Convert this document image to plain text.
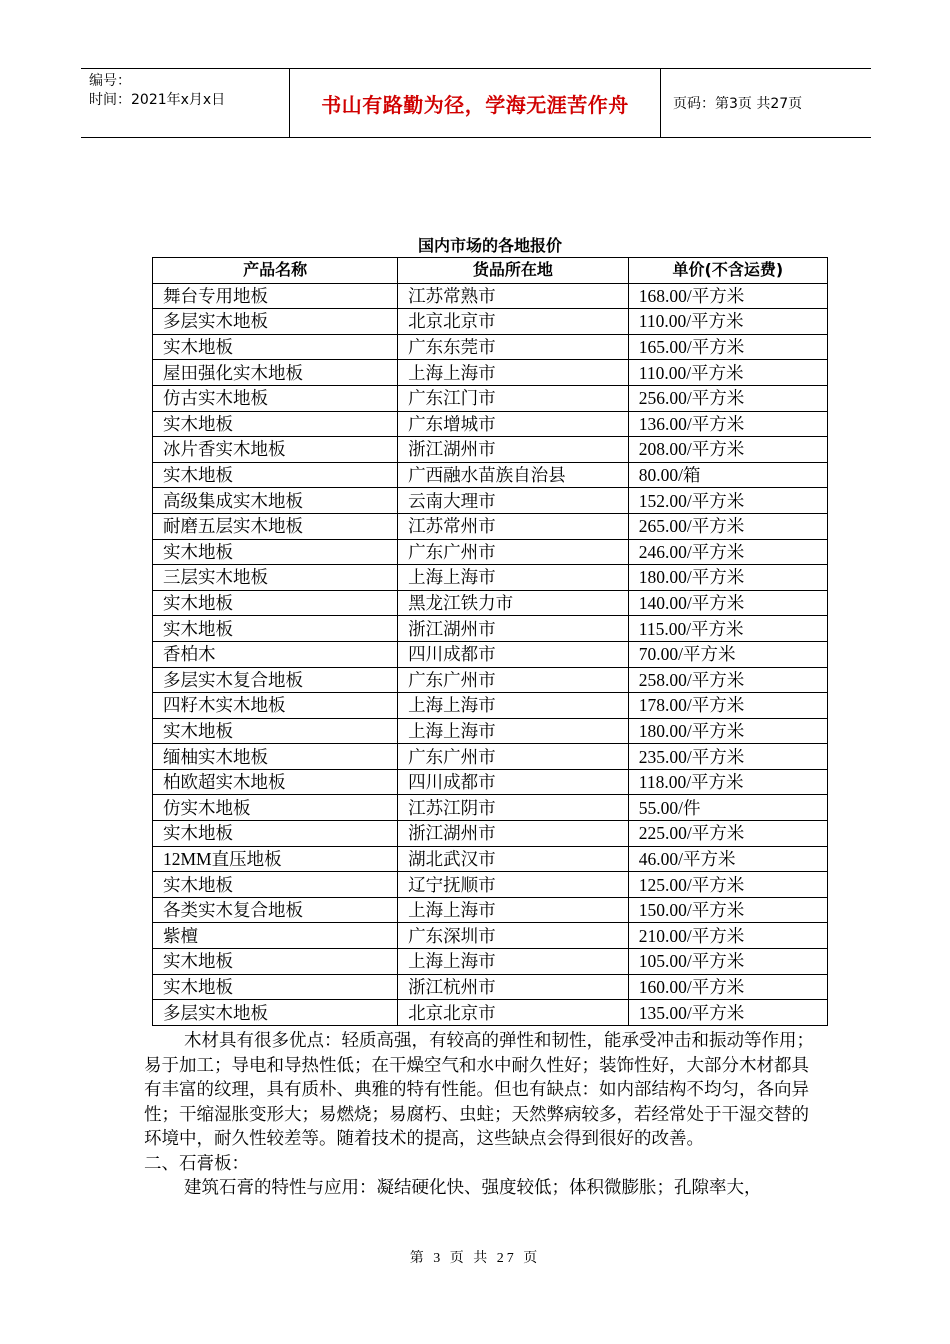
编号：
时间：2021年x月x日	书山有路勤为径，学海无涯苦作舟	页码：第3页 共27页
国内市场的各地报价
产品名称	货品所在地	单价(不含运费)
舞台专用地板	江苏常熟市	168.00/平方米
多层实木地板	北京北京市	110.00/平方米
实木地板	广东东莞市	165.00/平方米
屋田强化实木地板	上海上海市	110.00/平方米
仿古实木地板	广东江门市	256.00/平方米
实木地板	广东增城市	136.00/平方米
冰片香实木地板	浙江湖州市	208.00/平方米
实木地板	广西融水苗族自治县	80.00/箱
高级集成实木地板	云南大理市	152.00/平方米
耐磨五层实木地板	江苏常州市	265.00/平方米
实木地板	广东广州市	246.00/平方米
三层实木地板	上海上海市	180.00/平方米
实木地板	黑龙江铁力市	140.00/平方米
实木地板	浙江湖州市	115.00/平方米
香柏木	四川成都市	70.00/平方米
多层实木复合地板	广东广州市	258.00/平方米
四籽木实木地板	上海上海市	178.00/平方米
实木地板	上海上海市	180.00/平方米
缅柚实木地板	广东广州市	235.00/平方米
柏欧超实木地板	四川成都市	118.00/平方米
仿实木地板	江苏江阴市	55.00/件
实木地板	浙江湖州市	225.00/平方米
12MM直压地板	湖北武汉市	46.00/平方米
实木地板	辽宁抚顺市	125.00/平方米
各类实木复合地板	上海上海市	150.00/平方米
紫檀	广东深圳市	210.00/平方米
实木地板	上海上海市	105.00/平方米
实木地板	浙江杭州市	160.00/平方米
多层实木地板	北京北京市	135.00/平方米

木材具有很多优点：轻质高强，有较高的弹性和韧性，能承受冲击和振动等作用；易于加工；导电和导热性低；在干燥空气和水中耐久性好；装饰性好，大部分木材都具有丰富的纹理，具有质朴、典雅的特有性能。但也有缺点：如内部结构不均匀，各向异性；干缩湿胀变形大；易燃烧；易腐朽、虫蛀；天然弊病较多，若经常处于干湿交替的环境中，耐久性较差等。随着技术的提高，这些缺点会得到很好的改善。

二、石膏板：

建筑石膏的特性与应用：凝结硬化快、强度较低；体积微膨胀；孔隙率大，

第 3 页 共 27 页
